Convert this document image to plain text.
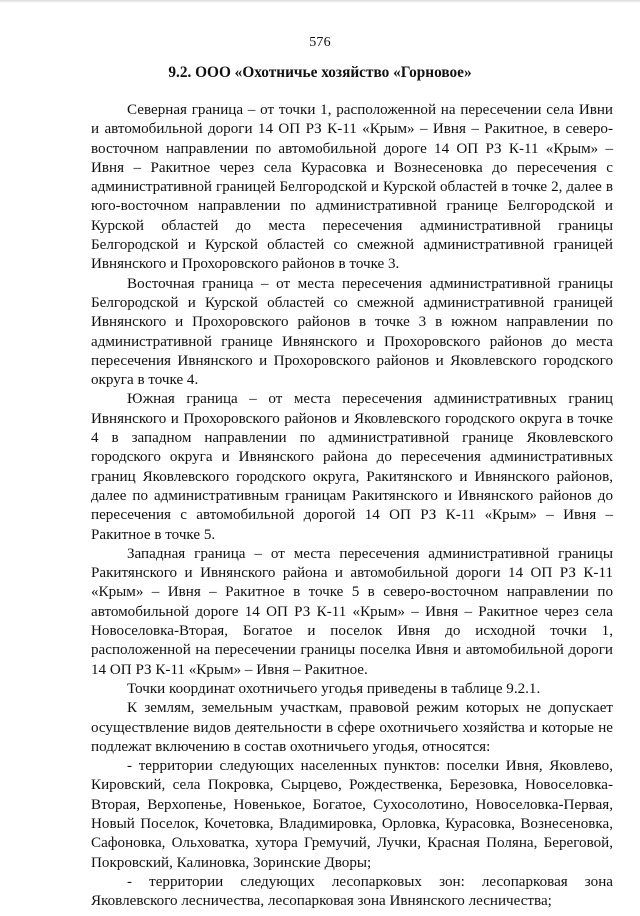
576
9.2. ООО «Охотничье хозяйство «Горновое»

Северная граница – от точки 1, расположенной на пересечении села Ивни и автомобильной дороги 14 ОП РЗ К-11 «Крым» – Ивня – Ракитное, в северо-восточном направлении по автомобильной дороге 14 ОП РЗ К-11 «Крым» – Ивня – Ракитное через села Курасовка и Вознесеновка до пересечения с административной границей Белгородской и Курской областей в точке 2, далее в юго-восточном направлении по административной границе Белгородской и Курской областей до места пересечения административной границы Белгородской и Курской областей со смежной административной границей Ивнянского и Прохоровского районов в точке 3.

Восточная граница – от места пересечения административной границы Белгородской и Курской областей со смежной административной границей Ивнянского и Прохоровского районов в точке 3 в южном направлении по административной границе Ивнянского и Прохоровского районов до места пересечения Ивнянского и Прохоровского районов и Яковлевского городского округа в точке 4.

Южная граница – от места пересечения административных границ Ивнянского и Прохоровского районов и Яковлевского городского округа в точке 4 в западном направлении по административной границе Яковлевского городского округа и Ивнянского района до пересечения административных границ Яковлевского городского округа, Ракитянского и Ивнянского районов, далее по административным границам Ракитянского и Ивнянского районов до пересечения с автомобильной дорогой 14 ОП РЗ К-11 «Крым» – Ивня – Ракитное в точке 5.

Западная граница – от места пересечения административной границы Ракитянского и Ивнянского района и автомобильной дороги 14 ОП РЗ К-11 «Крым» – Ивня – Ракитное в точке 5 в северо-восточном направлении по автомобильной дороге 14 ОП РЗ К-11 «Крым» – Ивня – Ракитное через села Новоселовка-Вторая, Богатое и поселок Ивня до исходной точки 1, расположенной на пересечении границы поселка Ивня и автомобильной дороги 14 ОП РЗ К-11 «Крым» – Ивня – Ракитное.

Точки координат охотничьего угодья приведены в таблице 9.2.1.

К землям, земельным участкам, правовой режим которых не допускает осуществление видов деятельности в сфере охотничьего хозяйства и которые не подлежат включению в состав охотничьего угодья, относятся:

- территории следующих населенных пунктов: поселки Ивня, Яковлево, Кировский, села Покровка, Сырцево, Рождественка, Березовка, Новоселовка-Вторая, Верхопенье, Новенькое, Богатое, Сухосолотино, Новоселовка-Первая, Новый Поселок, Кочетовка, Владимировка, Орловка, Курасовка, Вознесеновка, Сафоновка, Ольховатка, хутора Гремучий, Лучки, Красная Поляна, Береговой, Покровский, Калиновка, Зоринские Дворы;

- территории следующих лесопарковых зон: лесопарковая зона Яковлевского лесничества, лесопарковая зона Ивнянского лесничества;
